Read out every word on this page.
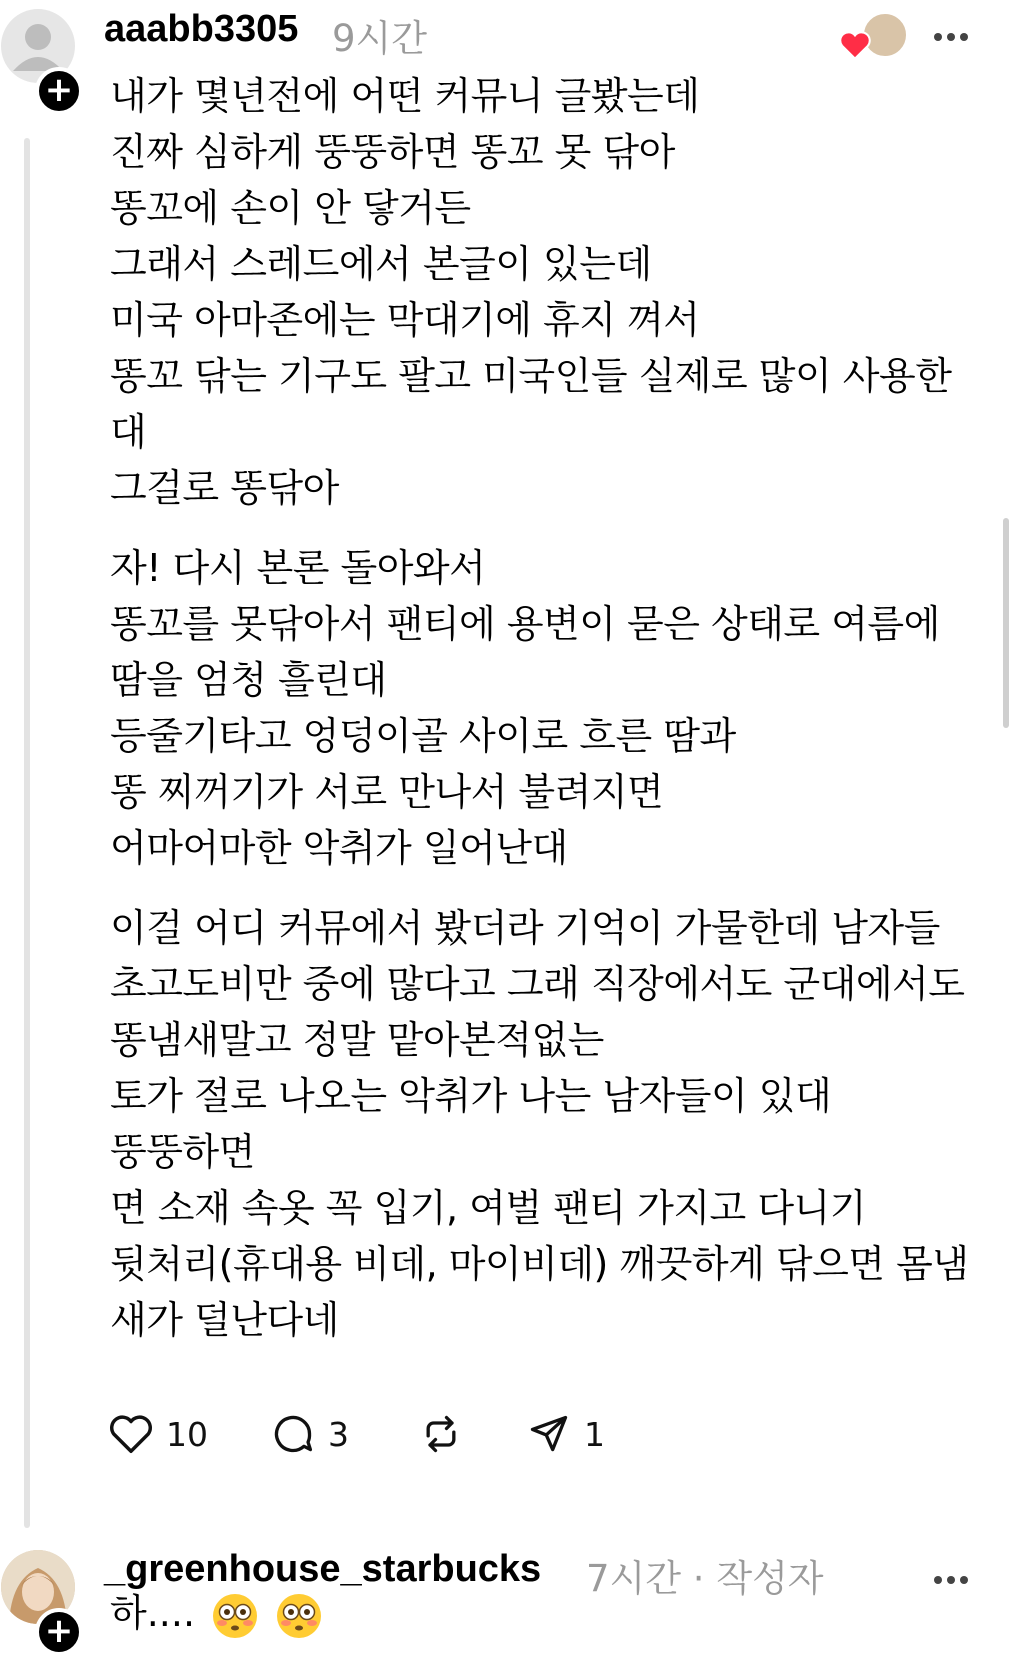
+
aaabb3305 9시간
내가 몇년전에 어떤 커뮤니 글봤는데
진짜 심하게 뚱뚱하면 똥꼬 못 닦아
똥꼬에 손이 안 닿거든
그래서 스레드에서 본글이 있는데
미국 아마존에는 막대기에 휴지 껴서
똥꼬 닦는 기구도 팔고 미국인들 실제로 많이 사용한대
그걸로 똥닦아
자! 다시 본론 돌아와서
똥꼬를 못닦아서 팬티에 용변이 묻은 상태로 여름에 땀을 엄청 흘린대
등줄기타고 엉덩이골 사이로 흐른 땀과
똥 찌꺼기가 서로 만나서 불려지면
어마어마한 악취가 일어난대
이걸 어디 커뮤에서 봤더라 기억이 가물한데 남자들 초고도비만 중에 많다고 그래 직장에서도 군대에서도 똥냄새말고 정말 맡아본적없는
토가 절로 나오는 악취가 나는 남자들이 있대
뚱뚱하면
면 소재 속옷 꼭 입기, 여벌 팬티 가지고 다니기
뒷처리(휴대용 비데, 마이비데) 깨끗하게 닦으면 몸냄새가 덜난다네
10	3	1
+
_greenhouse_starbucks 7시간 · 작성자
하....
